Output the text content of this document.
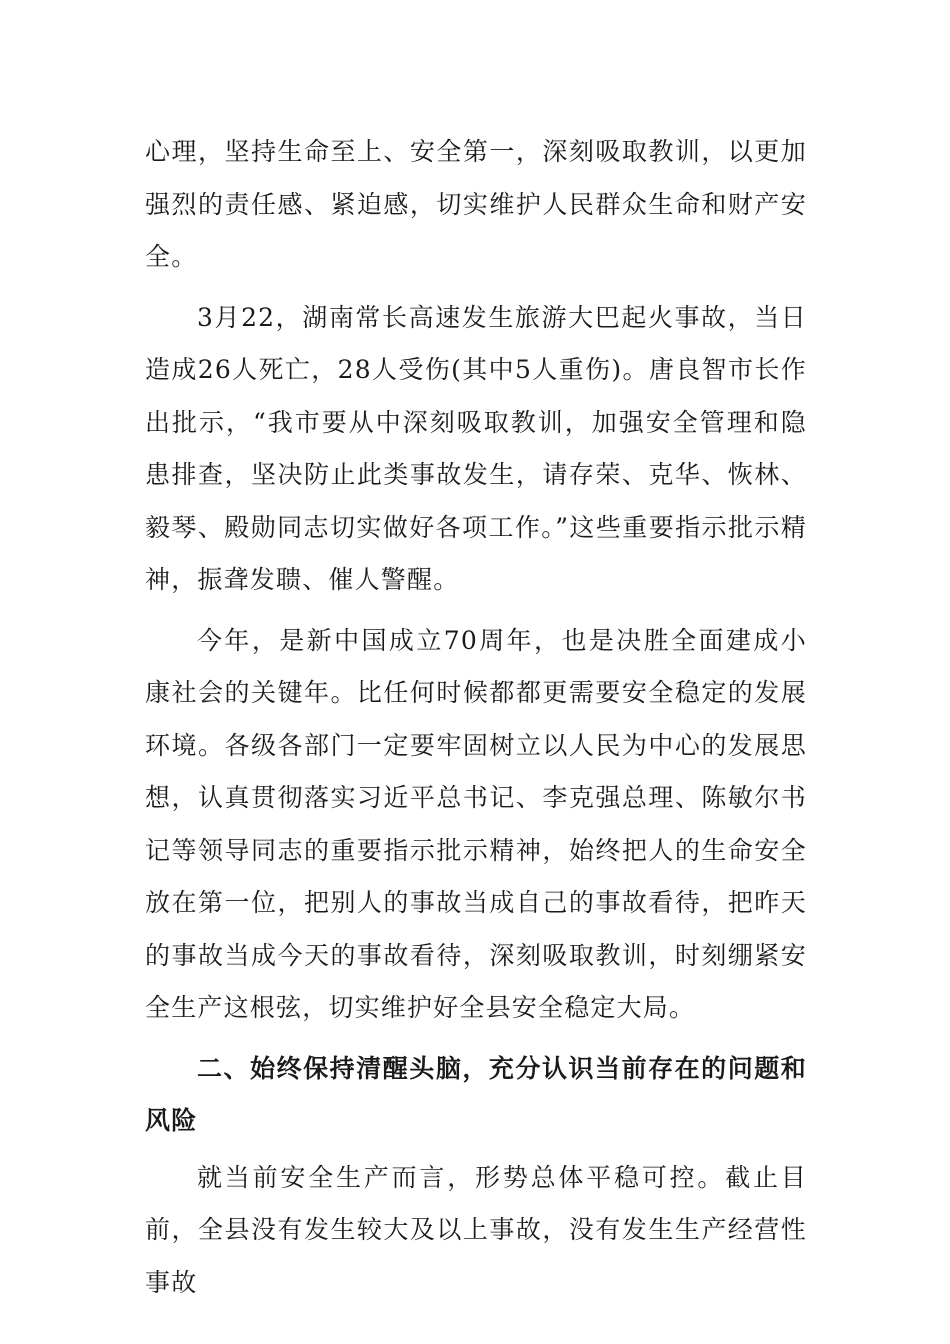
心理，坚持生命至上、安全第一，深刻吸取教训，以更加强烈的责任感、紧迫感，切实维护人民群众生命和财产安全。

3月22，湖南常长高速发生旅游大巴起火事故，当日造成26人死亡，28人受伤(其中5人重伤)。唐良智市长作出批示，“我市要从中深刻吸取教训，加强安全管理和隐患排查，坚决防止此类事故发生，请存荣、克华、恢林、毅琴、殿勋同志切实做好各项工作。”这些重要指示批示精神，振聋发聩、催人警醒。

今年，是新中国成立70周年，也是决胜全面建成小康社会的关键年。比任何时候都都更需要安全稳定的发展环境。各级各部门一定要牢固树立以人民为中心的发展思想，认真贯彻落实习近平总书记、李克强总理、陈敏尔书记等领导同志的重要指示批示精神，始终把人的生命安全放在第一位，把别人的事故当成自己的事故看待，把昨天的事故当成今天的事故看待，深刻吸取教训，时刻绷紧安全生产这根弦，切实维护好全县安全稳定大局。

二、始终保持清醒头脑，充分认识当前存在的问题和风险

就当前安全生产而言，形势总体平稳可控。截止目前，全县没有发生较大及以上事故，没有发生生产经营性事故
